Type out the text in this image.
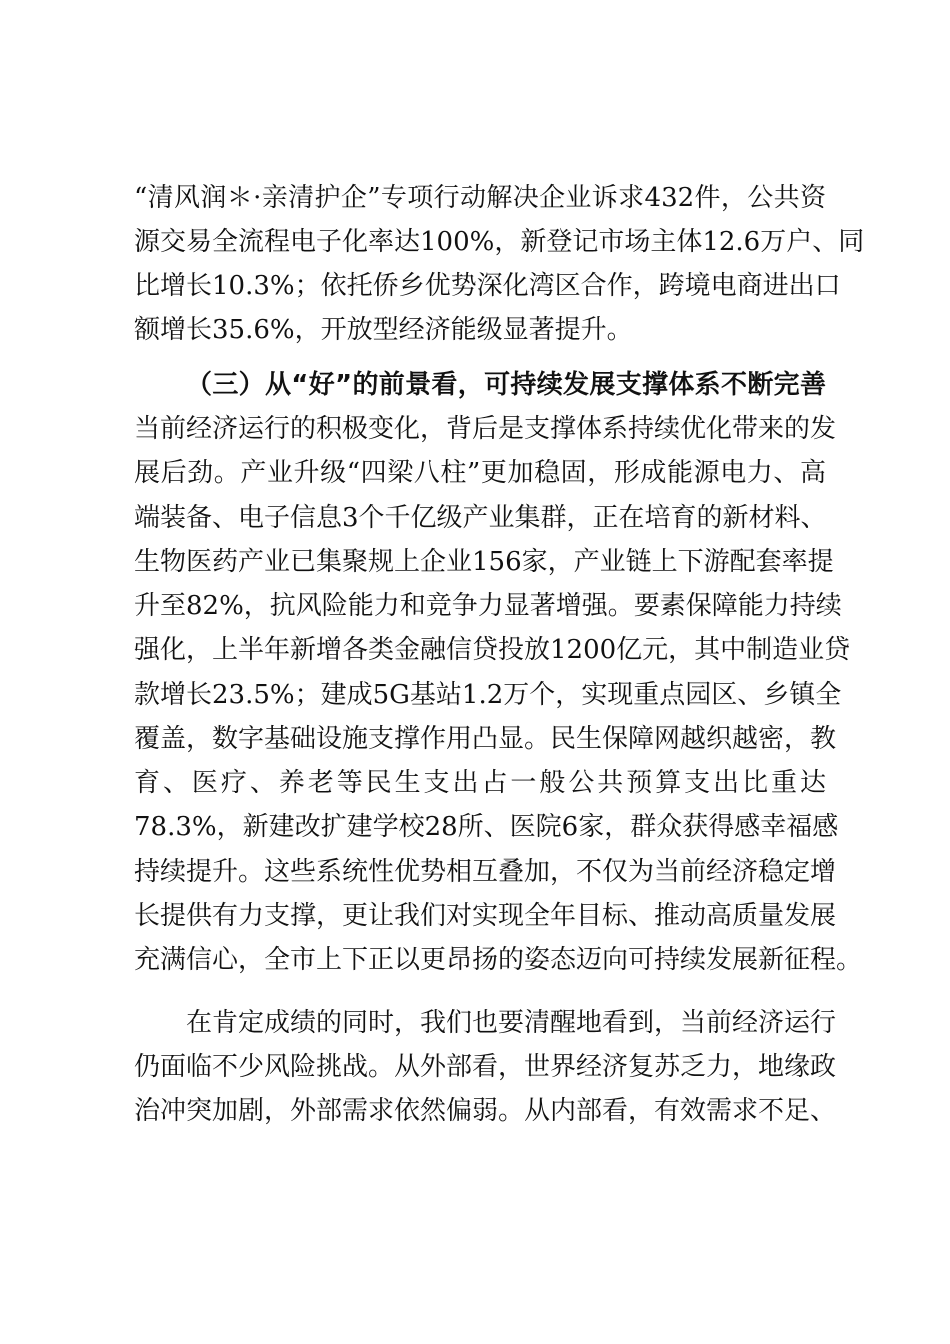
“清风润＊·亲清护企”专项行动解决企业诉求432件，公共资
源交易全流程电子化率达100%，新登记市场主体12.6万户、同
比增长10.3%；依托侨乡优势深化湾区合作，跨境电商进出口
额增长35.6%，开放型经济能级显著提升。
（三）从“好”的前景看，可持续发展支撑体系不断完善
当前经济运行的积极变化，背后是支撑体系持续优化带来的发
展后劲。产业升级“四梁八柱”更加稳固，形成能源电力、高
端装备、电子信息3个千亿级产业集群，正在培育的新材料、
生物医药产业已集聚规上企业156家，产业链上下游配套率提
升至82%，抗风险能力和竞争力显著增强。要素保障能力持续
强化，上半年新增各类金融信贷投放1200亿元，其中制造业贷
款增长23.5%；建成5G基站1.2万个，实现重点园区、乡镇全
覆盖，数字基础设施支撑作用凸显。民生保障网越织越密，教
育、医疗、养老等民生支出占一般公共预算支出比重达
78.3%，新建改扩建学校28所、医院6家，群众获得感幸福感
持续提升。这些系统性优势相互叠加，不仅为当前经济稳定增
长提供有力支撑，更让我们对实现全年目标、推动高质量发展
充满信心，全市上下正以更昂扬的姿态迈向可持续发展新征程。
在肯定成绩的同时，我们也要清醒地看到，当前经济运行
仍面临不少风险挑战。从外部看，世界经济复苏乏力，地缘政
治冲突加剧，外部需求依然偏弱。从内部看，有效需求不足、
